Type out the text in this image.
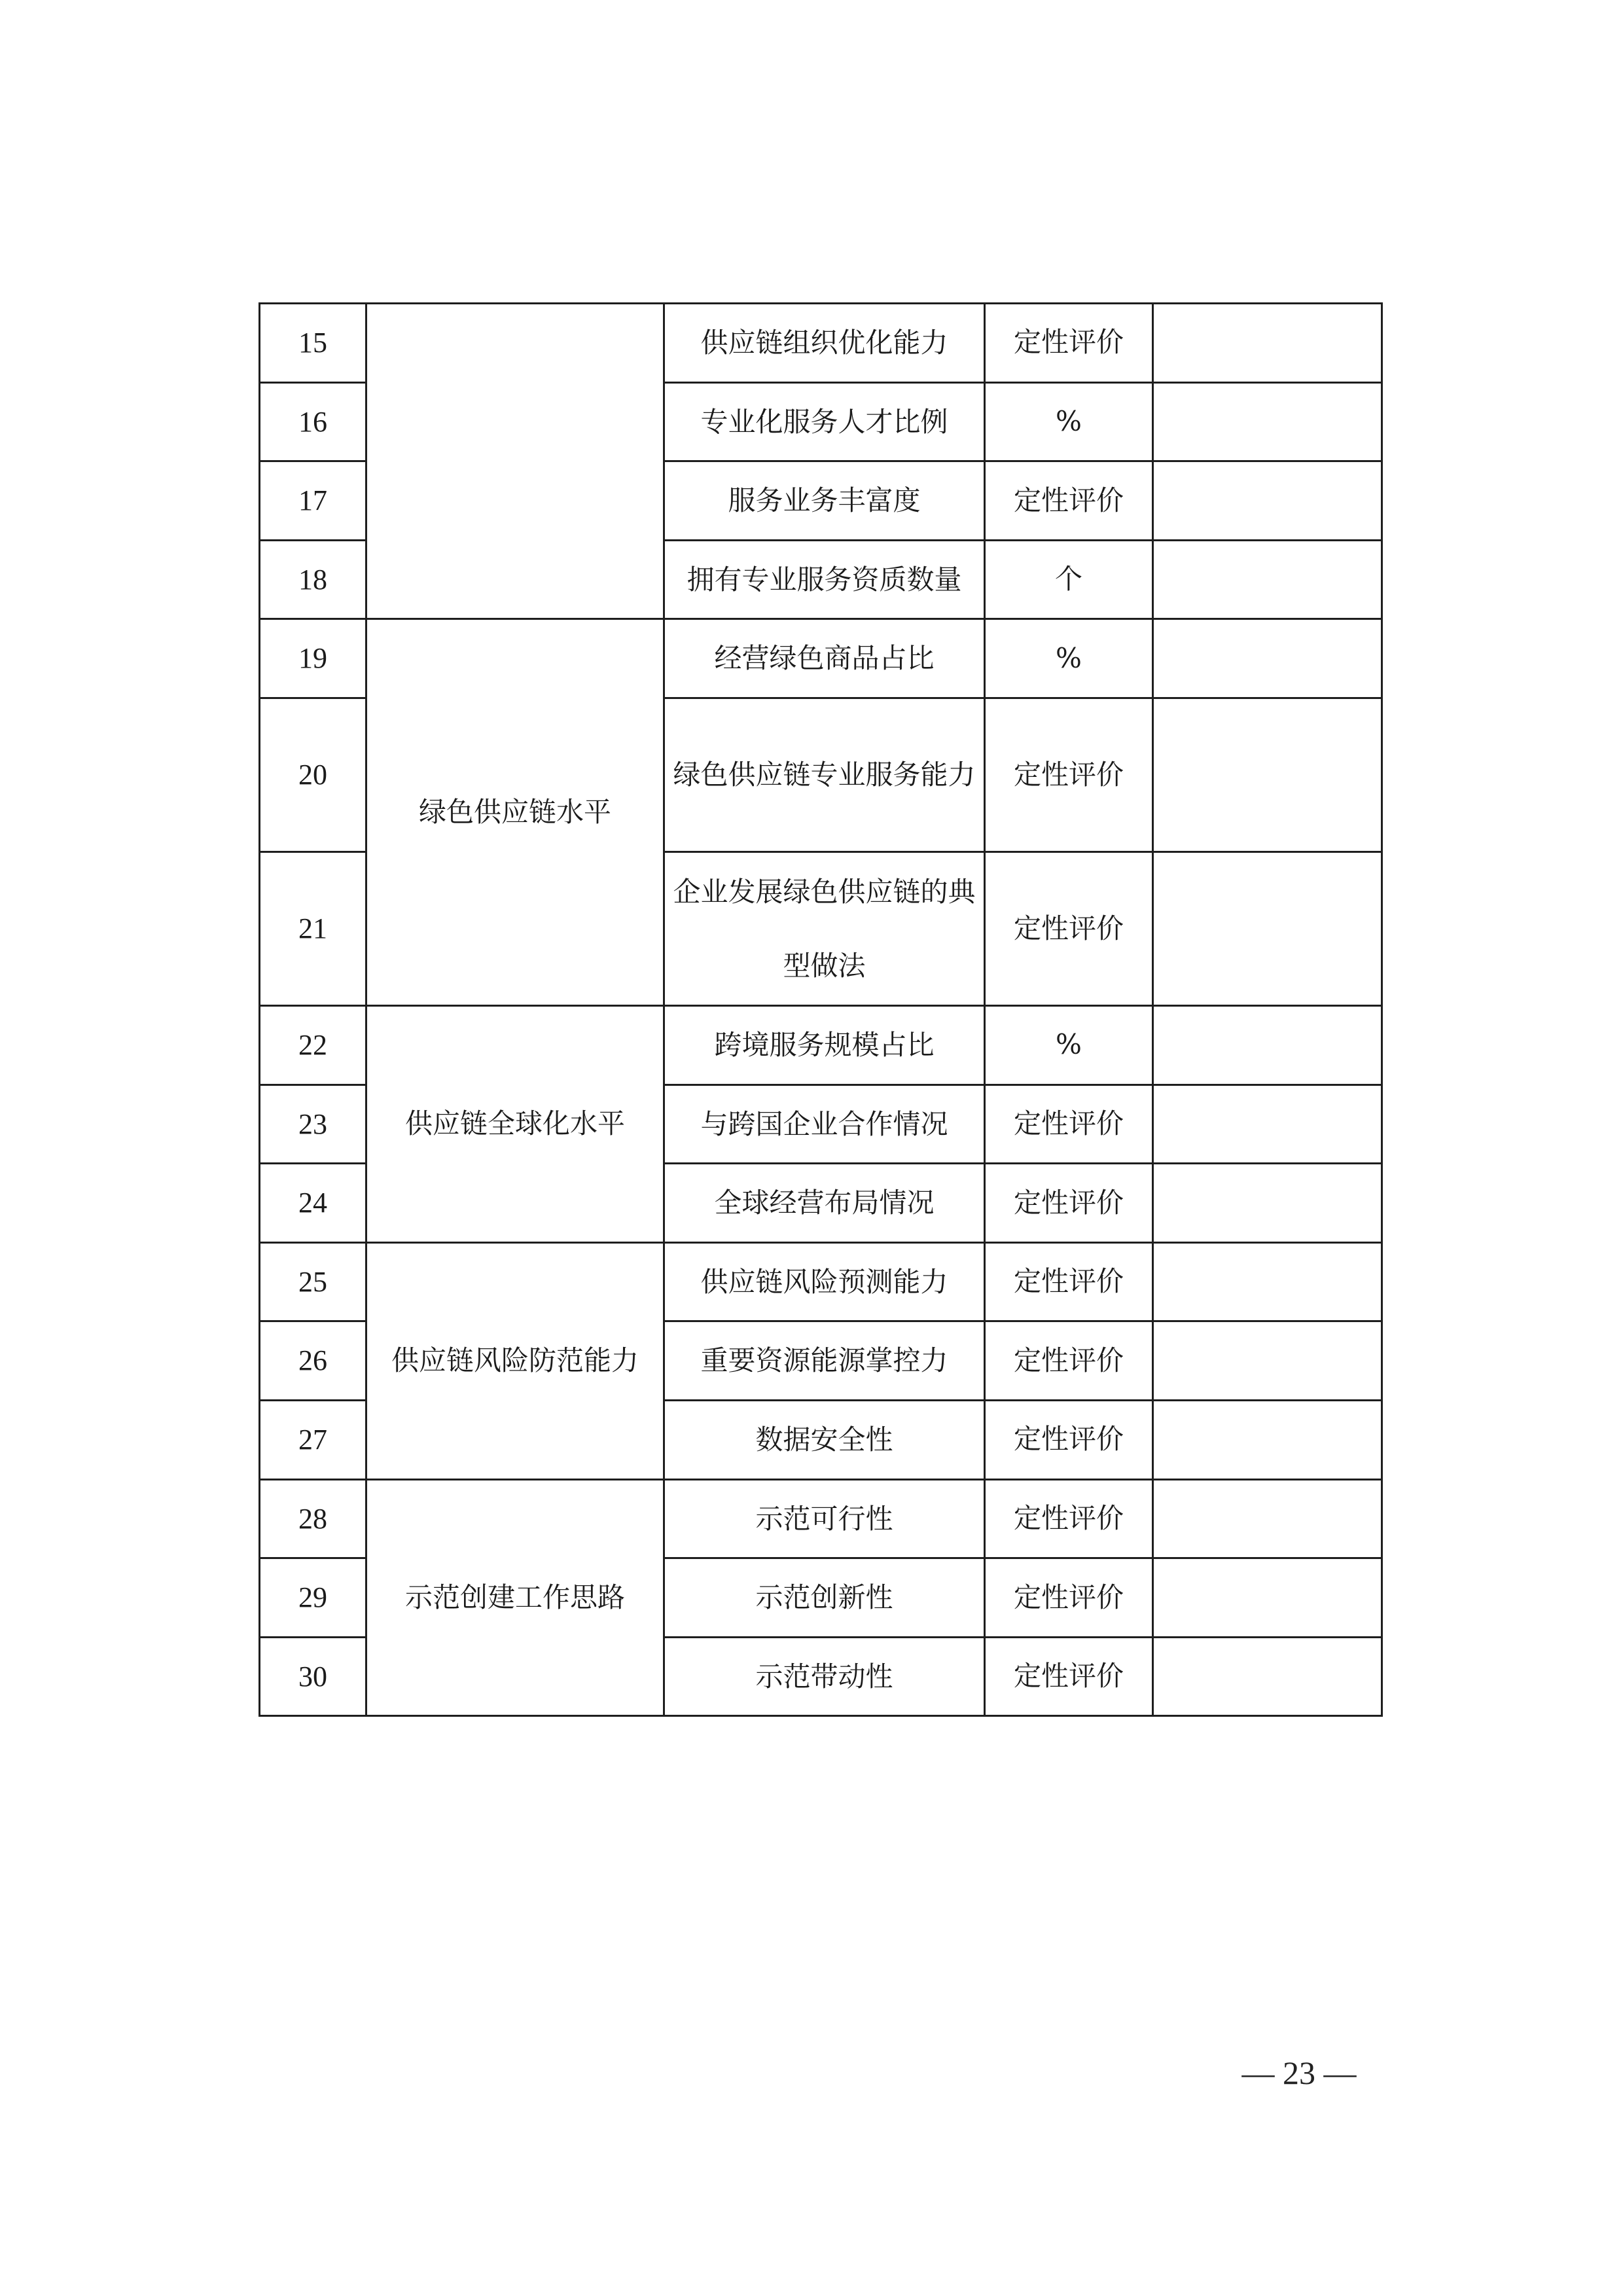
15		供应链组织优化能力	定性评价	
16		专业化服务人才比例	%	
17		服务业务丰富度	定性评价	
18		拥有专业服务资质数量	个	
19	绿色供应链水平	经营绿色商品占比	%	
20		绿色供应链专业服务能力	定性评价	
21		企业发展绿色供应链的典型做法	定性评价	
22	供应链全球化水平	跨境服务规模占比	%	
23		与跨国企业合作情况	定性评价	
24		全球经营布局情况	定性评价	
25	供应链风险防范能力	供应链风险预测能力	定性评价	
26		重要资源能源掌控力	定性评价	
27		数据安全性	定性评价	
28	示范创建工作思路	示范可行性	定性评价	
29		示范创新性	定性评价	
30		示范带动性	定性评价	
— 23 —
